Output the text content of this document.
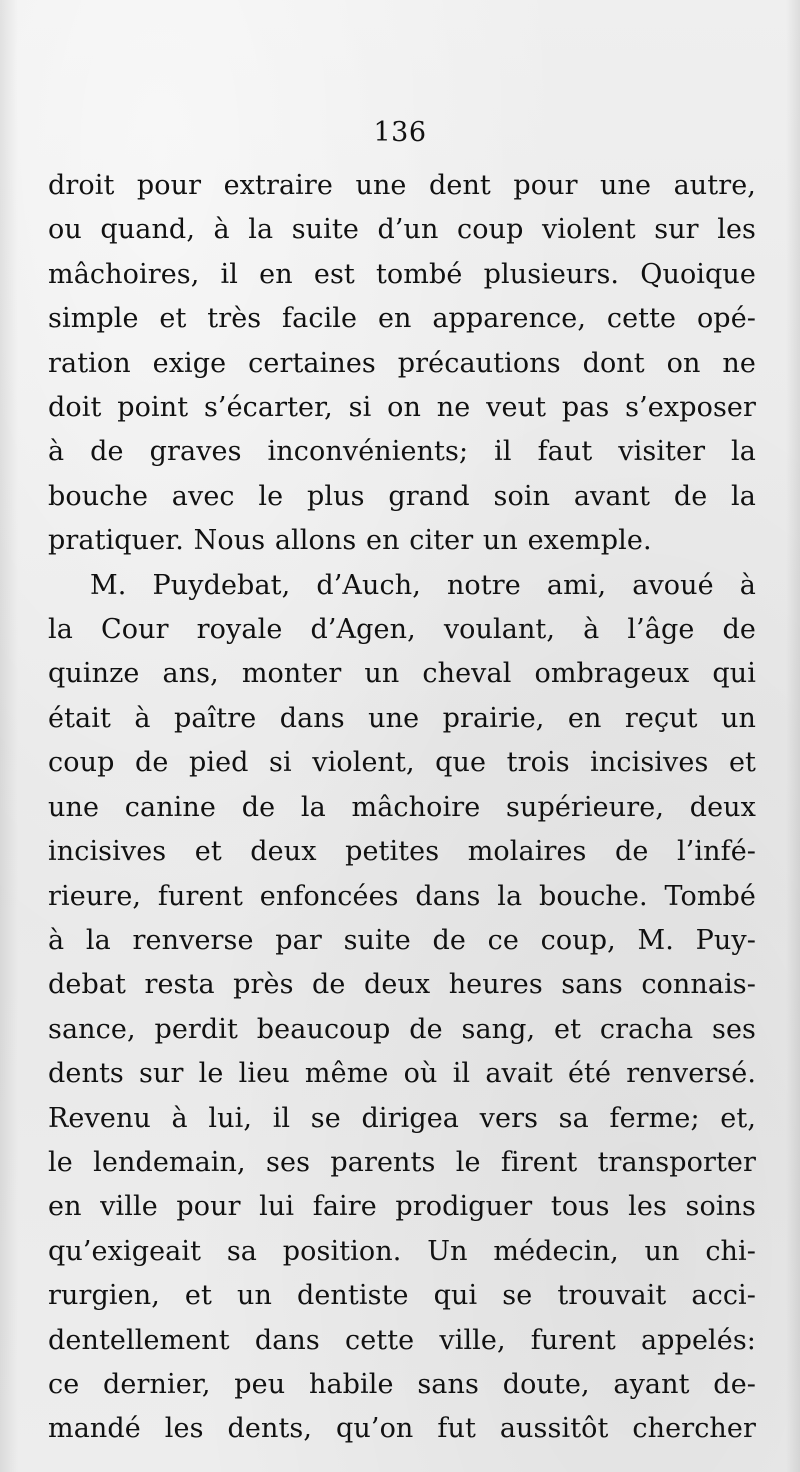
136
droit pour extraire une dent pour une autre,
ou quand, à la suite d’un coup violent sur les
mâchoires, il en est tombé plusieurs. Quoique
simple et très facile en apparence, cette opé-
ration exige certaines précautions dont on ne
doit point s’écarter, si on ne veut pas s’exposer
à de graves inconvénients; il faut visiter la
bouche avec le plus grand soin avant de la
pratiquer. Nous allons en citer un exemple.
M. Puydebat, d’Auch, notre ami, avoué à
la Cour royale d’Agen, voulant, à l’âge de
quinze ans, monter un cheval ombrageux qui
était à paître dans une prairie, en reçut un
coup de pied si violent, que trois incisives et
une canine de la mâchoire supérieure, deux
incisives et deux petites molaires de l’infé-
rieure, furent enfoncées dans la bouche. Tombé
à la renverse par suite de ce coup, M. Puy-
debat resta près de deux heures sans connais-
sance, perdit beaucoup de sang, et cracha ses
dents sur le lieu même où il avait été renversé.
Revenu à lui, il se dirigea vers sa ferme; et,
le lendemain, ses parents le firent transporter
en ville pour lui faire prodiguer tous les soins
qu’exigeait sa position. Un médecin, un chi-
rurgien, et un dentiste qui se trouvait acci-
dentellement dans cette ville, furent appelés:
ce dernier, peu habile sans doute, ayant de-
mandé les dents, qu’on fut aussitôt chercher
